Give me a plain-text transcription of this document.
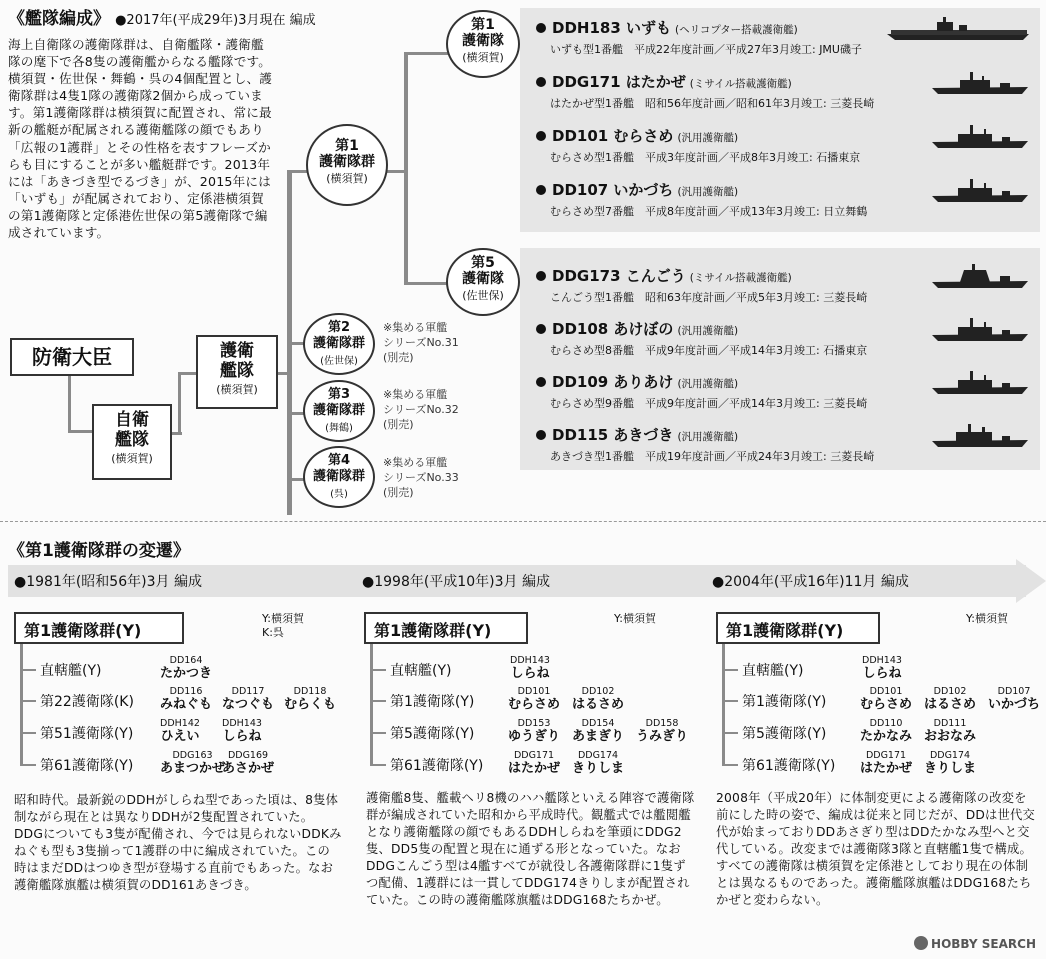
《艦隊編成》 ●2017年(平成29年)3月現在 編成
海上自衛隊の護衛隊群は、自衛艦隊・護衛艦隊の麾下で各8隻の護衛艦からなる艦隊です。横須賀・佐世保・舞鶴・呉の4個配置とし、護衛隊群は4隻1隊の護衛隊2個から成っています。第1護衛隊群は横須賀に配置され、常に最新の艦艇が配属される護衛艦隊の顔でもあり「広報の1護群」とその性格を表すフレーズからも目にすることが多い艦艇群です。2013年には「あきづき型でるづき」が、2015年には「いずも」が配属されており、定係港横須賀の第1護衛隊と定係港佐世保の第5護衛隊で編成されています。
防衛大臣
自衛
艦隊
(横須賀)
護衛
艦隊
(横須賀)
第1
護衛隊群
(横須賀)
第2
護衛隊群
(佐世保)
※集める軍艦
シリーズNo.31
(別売)
第3
護衛隊群
(舞鶴)
※集める軍艦
シリーズNo.32
(別売)
第4
護衛隊群
(呉)
※集める軍艦
シリーズNo.33
(別売)
第1
護衛隊
(横須賀)
第5
護衛隊
(佐世保)
DDH183 いずも (ヘリコプター搭載護衛艦)
いずも型1番艦　平成22年度計画／平成27年3月竣工: JMU磯子
DDG171 はたかぜ (ミサイル搭載護衛艦)
はたかぜ型1番艦　昭和56年度計画／昭和61年3月竣工: 三菱長崎
DD101 むらさめ (汎用護衛艦)
むらさめ型1番艦　平成3年度計画／平成8年3月竣工: 石播東京
DD107 いかづち (汎用護衛艦)
むらさめ型7番艦　平成8年度計画／平成13年3月竣工: 日立舞鶴
DDG173 こんごう (ミサイル搭載護衛艦)
こんごう型1番艦　昭和63年度計画／平成5年3月竣工: 三菱長崎
DD108 あけぼの (汎用護衛艦)
むらさめ型8番艦　平成9年度計画／平成14年3月竣工: 石播東京
DD109 ありあけ (汎用護衛艦)
むらさめ型9番艦　平成9年度計画／平成14年3月竣工: 三菱長崎
DD115 あきづき (汎用護衛艦)
あきづき型1番艦　平成19年度計画／平成24年3月竣工: 三菱長崎
《第1護衛隊群の変遷》
●1981年(昭和56年)3月 編成	●1998年(平成10年)3月 編成	●2004年(平成16年)11月 編成
第1護衛隊群(Y)
Y:横須賀
K:呉
直轄艦(Y)
第22護衛隊(K)
第51護衛隊(Y)
第61護衛隊(Y)
DD164
たかつき
DD116
みねぐも
DD117
なつぐも
DD118
むらくも
DDH142
ひえい
DDH143
しらね
DDG163
あまつかぜ
DDG169
あさかぜ
昭和時代。最新鋭のDDHがしらね型であった頃は、8隻体制ながら現在とは異なりDDHが2隻配置されていた。DDGについても3隻が配備され、今では見られないDDKみねぐも型も3隻揃って1護群の中に編成されていた。この時はまだDDはつゆき型が登場する直前でもあった。なお護衛艦隊旗艦は横須賀のDD161あきづき。
第1護衛隊群(Y)
Y:横須賀
直轄艦(Y)
第1護衛隊(Y)
第5護衛隊(Y)
第61護衛隊(Y)
DDH143
しらね
DD101
むらさめ
DD102
はるさめ
DD153
ゆうぎり
DD154
あまぎり
DD158
うみぎり
DDG171
はたかぜ
DDG174
きりしま
護衛艦8隻、艦載ヘリ8機のハハ艦隊といえる陣容で護衛隊群が編成されていた昭和から平成時代。観艦式では艦閲艦となり護衛艦隊の顔でもあるDDHしらねを筆頭にDDG2隻、DD5隻の配置と現在に通ずる形となっていた。なおDDGこんごう型は4艦すべてが就役し各護衛隊群に1隻ずつ配備、1護群には一貫してDDG174きりしまが配置されていた。この時の護衛艦隊旗艦はDDG168たちかぜ。
第1護衛隊群(Y)
Y:横須賀
直轄艦(Y)
第1護衛隊(Y)
第5護衛隊(Y)
第61護衛隊(Y)
DDH143
しらね
DD101
むらさめ
DD102
はるさめ
DD107
いかづち
DD110
たかなみ
DD111
おおなみ
DDG171
はたかぜ
DDG174
きりしま
2008年（平成20年）に体制変更による護衛隊の改変を前にした時の姿で、編成は従来と同じだが、DDは世代交代が始まっておりDDあさぎり型はDDたかなみ型へと交代している。改変までは護衛隊3隊と直轄艦1隻で構成。すべての護衛隊は横須賀を定係港としており現在の体制とは異なるものであった。護衛艦隊旗艦はDDG168たちかぜと変わらない。
HOBBY SEARCH
